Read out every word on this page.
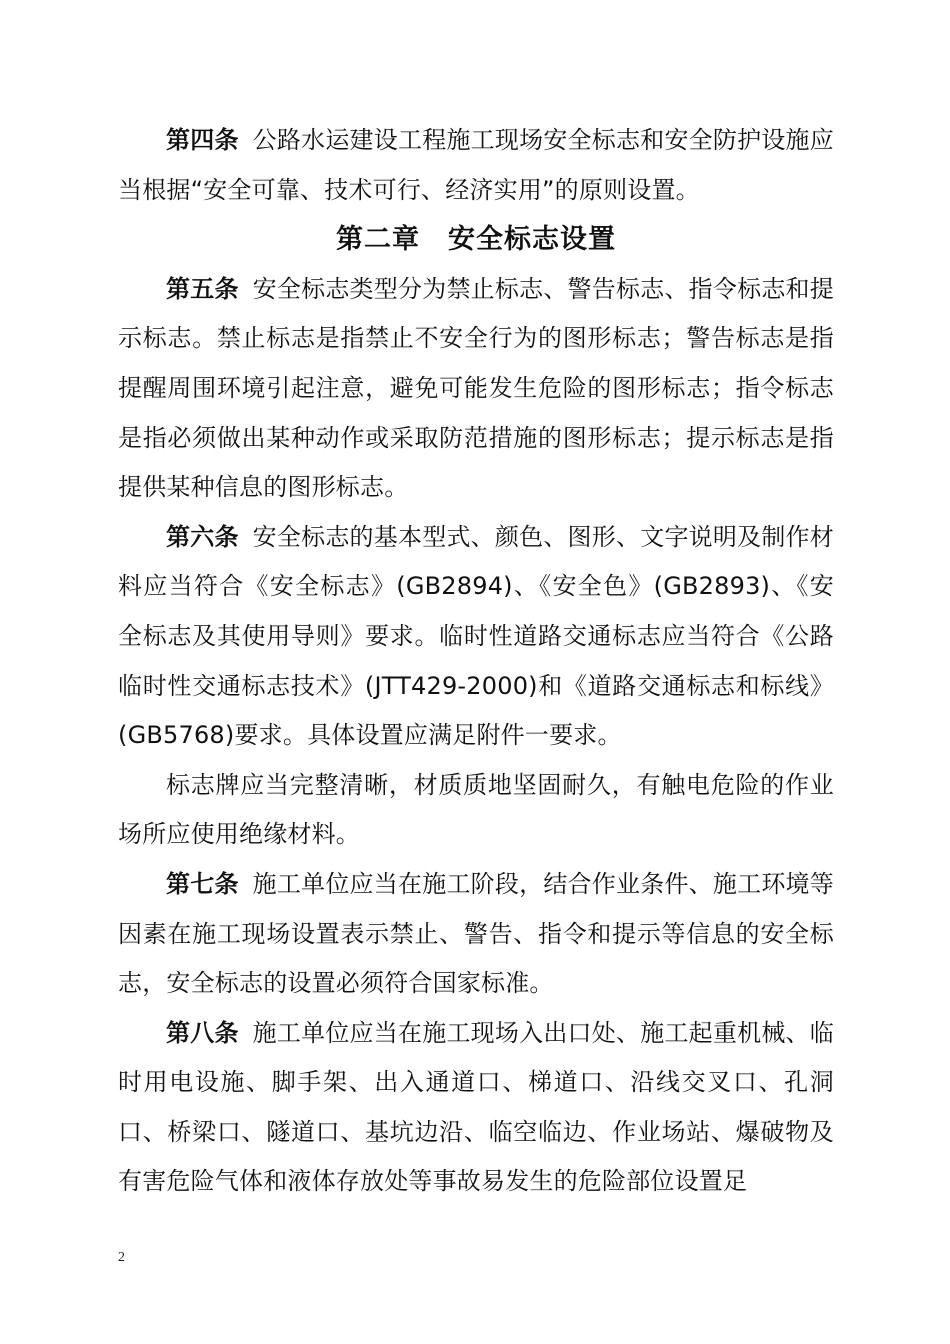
第四条 公路水运建设工程施工现场安全标志和安全防护设施应当根据“安全可靠、技术可行、经济实用”的原则设置。

第二章 安全标志设置

第五条 安全标志类型分为禁止标志、警告标志、指令标志和提示标志。禁止标志是指禁止不安全行为的图形标志；警告标志是指提醒周围环境引起注意，避免可能发生危险的图形标志；指令标志是指必须做出某种动作或采取防范措施的图形标志；提示标志是指提供某种信息的图形标志。

第六条 安全标志的基本型式、颜色、图形、文字说明及制作材料应当符合《安全标志》(GB2894)、《安全色》(GB2893)、《安全标志及其使用导则》要求。临时性道路交通标志应当符合《公路临时性交通标志技术》(JTT429-2000)和《道路交通标志和标线》(GB5768)要求。具体设置应满足附件一要求。

标志牌应当完整清晰，材质质地坚固耐久，有触电危险的作业场所应使用绝缘材料。

第七条 施工单位应当在施工阶段，结合作业条件、施工环境等因素在施工现场设置表示禁止、警告、指令和提示等信息的安全标志，安全标志的设置必须符合国家标准。

第八条 施工单位应当在施工现场入出口处、施工起重机械、临时用电设施、脚手架、出入通道口、梯道口、沿线交叉口、孔洞口、桥梁口、隧道口、基坑边沿、临空临边、作业场站、爆破物及有害危险气体和液体存放处等事故易发生的危险部位设置足

2
